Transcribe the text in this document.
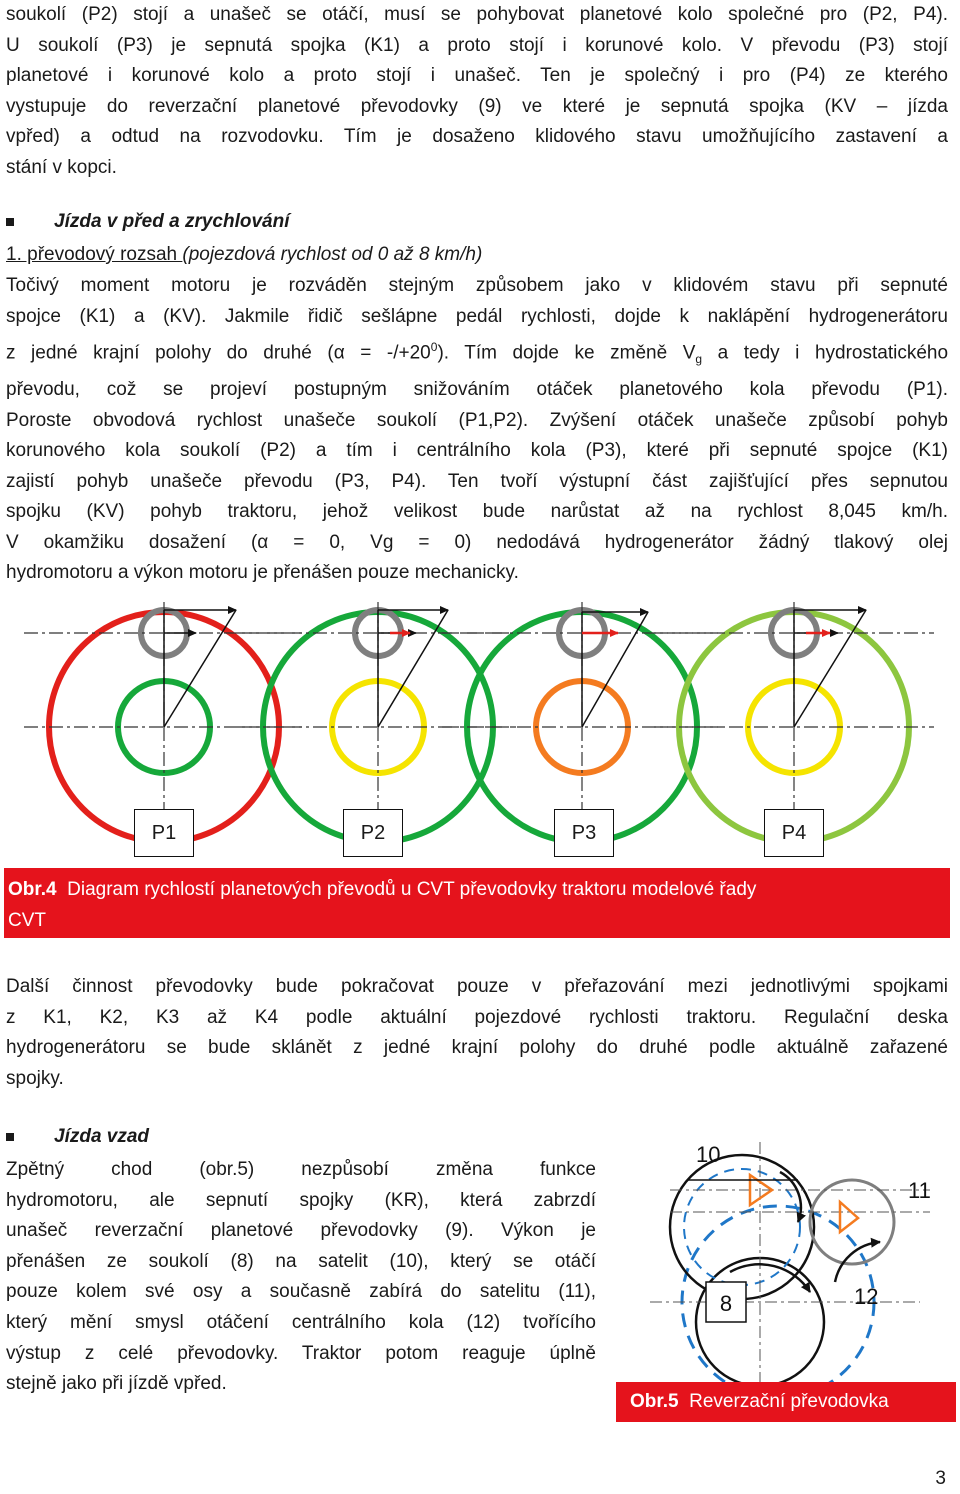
soukolí (P2) stojí a unašeč se otáčí, musí se pohybovat planetové kolo společné pro (P2, P4).
U soukolí (P3) je sepnutá spojka (K1) a proto stojí i korunové kolo. V převodu (P3) stojí
planetové i korunové kolo a proto stojí i unašeč. Ten je společný i pro (P4) ze kterého
vystupuje do reverzační planetové převodovky (9) ve které je sepnutá spojka (KV – jízda
vpřed) a odtud na rozvodovku. Tím je dosaženo klidového stavu umožňujícího zastavení a
stání v kopci.
Jízda v před a zrychlování
1. převodový rozsah (pojezdová rychlost od 0 až 8 km/h)
Točivý moment motoru je rozváděn stejným způsobem jako v klidovém stavu při sepnuté
spojce (K1) a (KV). Jakmile řidič sešlápne pedál rychlosti, dojde k naklápění hydrogenerátoru
z jedné krajní polohy do druhé $(\alpha = -/+20^0)$. Tím dojde ke změně $V_g$ a tedy i hydrostatického
převodu, což se projeví postupným snižováním otáček planetového kola převodu (P1).
Poroste obvodová rychlost unašeče soukolí (P1,P2). Zvýšení otáček unašeče způsobí pohyb
korunového kola soukolí (P2) a tím i centrálního kola (P3), které při sepnuté spojce (K1)
zajistí pohyb unašeče převodu (P3, P4). Ten tvoří výstupní část zajišťující přes sepnutou
spojku (KV) pohyb traktoru, jehož velikost bude narůstat až na rychlost 8,045 km/h.
V okamžiku dosažení (α = 0, Vg = 0) nedodává hydrogenerátor žádný tlakový olej
hydromotoru a výkon motoru je přenášen pouze mechanicky.
P1	P2	P3	P4
Obr.4 Diagram rychlostí planetových převodů u CVT převodovky traktoru modelové řady
CVT
Další činnost převodovky bude pokračovat pouze v přeřazování mezi jednotlivými spojkami
z K1, K2, K3 až K4 podle aktuální pojezdové rychlosti traktoru. Regulační deska
hydrogenerátoru se bude sklánět z jedné krajní polohy do druhé podle aktuálně zařazené
spojky.
Jízda vzad
Zpětný chod (obr.5) nezpůsobí změna funkce
hydromotoru, ale sepnutí spojky (KR), která zabrzdí
unašeč reverzační planetové převodovky (9). Výkon je
přenášen ze soukolí (8) na satelit (10), který se otáčí
pouze kolem své osy a současně zabírá do satelitu (11),
který mění smysl otáčení centrálního kola (12) tvořícího
výstup z celé převodovky. Traktor potom reaguje úplně
stejně jako při jízdě vpřed.
8
10
11
12
Obr.5 Reverzační převodovka
3
